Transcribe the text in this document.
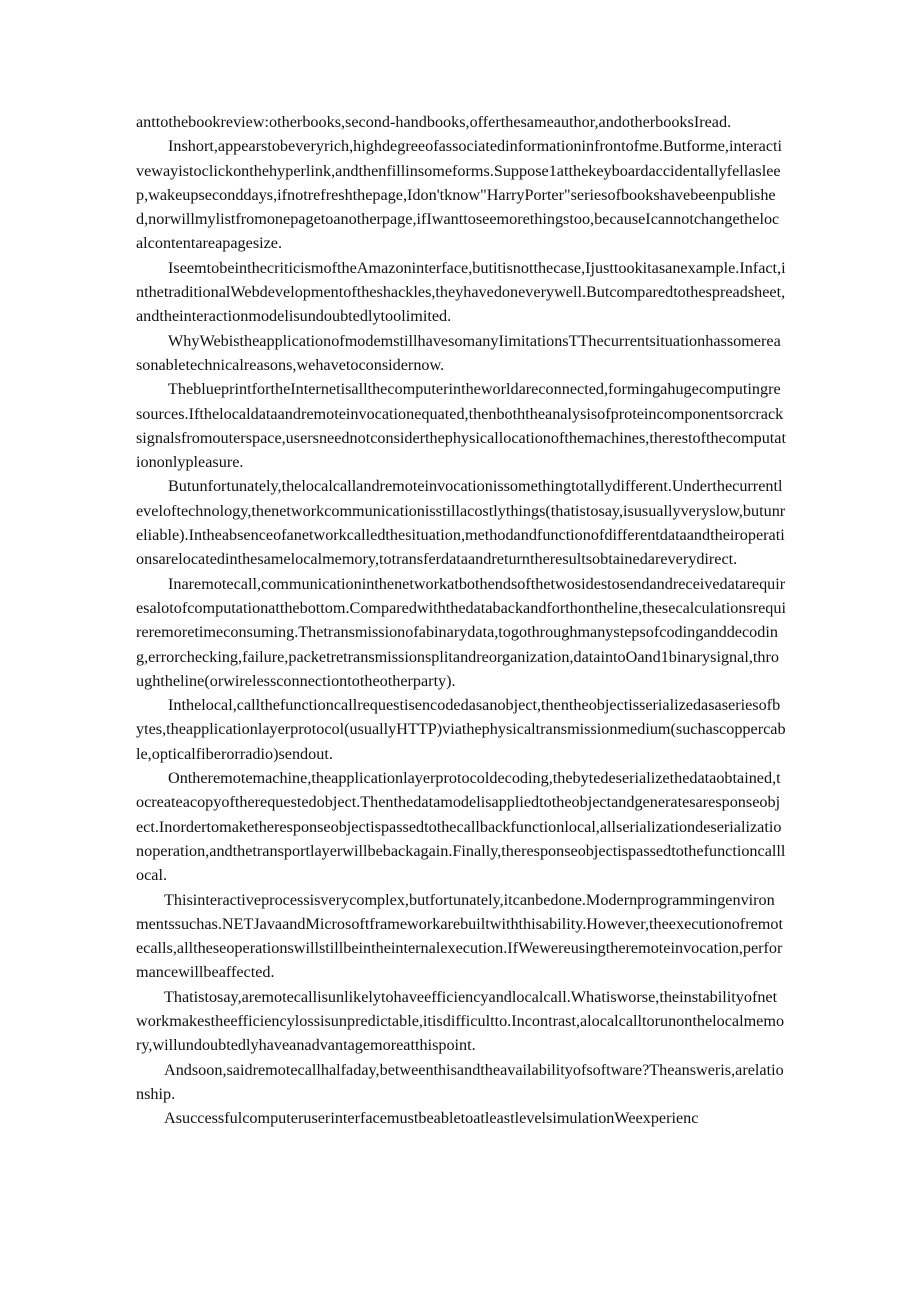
anttothebookreview:otherbooks,second-handbooks,offerthesameauthor,andotherbooksIread.

Inshort,appearstobeveryrich,highdegreeofassociatedinformationinfrontofme.Butforme,interactivewayistoclickonthehyperlink,andthenfillinsomeforms.Suppose1atthekeyboardaccidentallyfellasleep,wakeupseconddays,ifnotrefreshthepage,Idon'tknow"HarryPorter"seriesofbookshavebeenpublished,norwillmylistfromonepagetoanotherpage,ifIwanttoseemorethingstoo,becauseIcannotchangethelocalcontentareapagesize.

IseemtobeinthecriticismoftheAmazoninterface,butitisnotthecase,Ijusttookitasanexample.Infact,inthetraditionalWebdevelopmentoftheshackles,theyhavedoneverywell.Butcomparedtothespreadsheet,andtheinteractionmodelisundoubtedlytoolimited.

WhyWebistheapplicationofmodemstillhavesomanyIimitationsTThecurrentsituationhassomereasonabletechnicalreasons,wehavetoconsidernow.

TheblueprintfortheInternetisallthecomputerintheworldareconnected,formingahugecomputingresources.Ifthelocaldataandremoteinvocationequated,thenboththeanalysisofproteincomponentsorcracksignalsfromouterspace,usersneednotconsiderthephysicallocationofthemachines,therestofthecomputationonlypleasure.

Butunfortunately,thelocalcallandremoteinvocationissomethingtotallydifferent.Underthecurrentleveloftechnology,thenetworkcommunicationisstillacostlythings(thatistosay,isusuallyveryslow,butunreliable).Intheabsenceofanetworkcalledthesituation,methodandfunctionofdifferentdataandtheiroperationsarelocatedinthesamelocalmemory,totransferdataandreturntheresultsobtainedareverydirect.

Inaremotecall,communicationinthenetworkatbothendsofthetwosidestosendandreceivedatarequiresalotofcomputationatthebottom.Comparedwiththedatabackandforthontheline,thesecalculationsrequireremoretimeconsuming.Thetransmissionofabinarydata,togothroughmanystepsofcodinganddecoding,errorchecking,failure,packetretransmissionsplitandreorganization,dataintoOand1binarysignal,throughtheline(orwirelessconnectiontotheotherparty).

Inthelocal,callthefunctioncallrequestisencodedasanobject,thentheobjectisserializedasaseriesofbytes,theapplicationlayerprotocol(usuallyHTTP)viathephysicaltransmissionmedium(suchascoppercable,opticalfiberorradio)sendout.

Ontheremotemachine,theapplicationlayerprotocoldecoding,thebytedeserializethedataobtained,tocreateacopyoftherequestedobject.Thenthedatamodelisappliedtotheobjectandgeneratesaresponseobject.Inordertomaketheresponseobjectispassedtothecallbackfunctionlocal,allserializationdeserializationoperation,andthetransportlayerwillbebackagain.Finally,theresponseobjectispassedtothefunctioncalllocal.

Thisinteractiveprocessisverycomplex,butfortunately,itcanbedone.Modernprogrammingenvironmentssuchas.NETJavaandMicrosoftframeworkarebuiltwiththisability.However,theexecutionofremotecalls,alltheseoperationswillstillbeintheinternalexecution.IfWewereusingtheremoteinvocation,performancewillbeaffected.

Thatistosay,aremotecallisunlikelytohaveefficiencyandlocalcall.Whatisworse,theinstabilityofnetworkmakestheefficiencylossisunpredictable,itisdifficultto.Incontrast,alocalcalltorunonthelocalmemory,willundoubtedlyhaveanadvantagemoreatthispoint.

Andsoon,saidremotecallhalfaday,betweenthisandtheavailabilityofsoftware?Theansweris,arelationship.

AsuccessfulcomputeruserinterfacemustbeabletoatleastlevelsimulationWeexperienc
